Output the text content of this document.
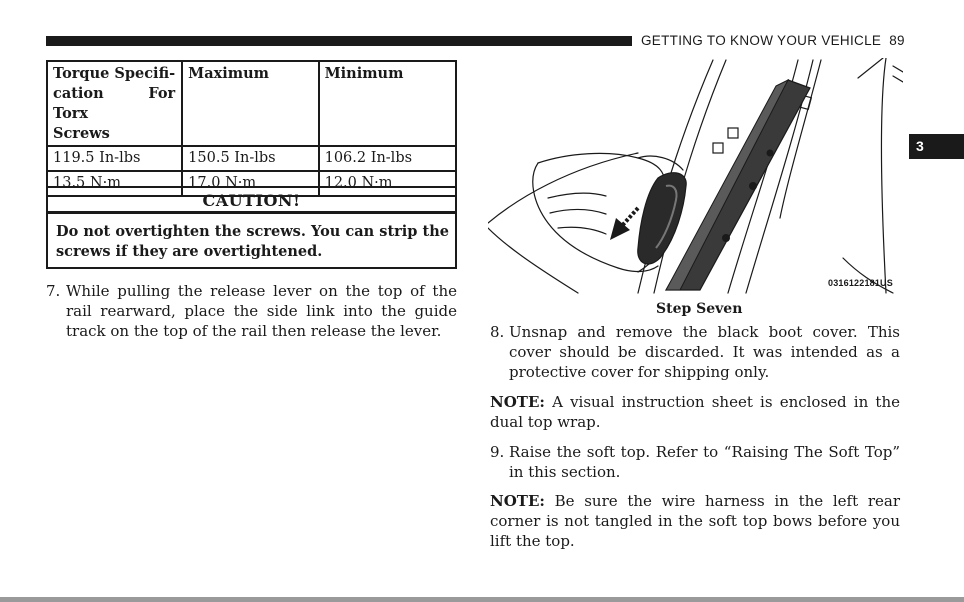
GETTING TO KNOW YOUR VEHICLE 89
3
Torque Specifi-
cation For Torx
Screws	Maximum	Minimum
119.5 In-lbs	150.5 In-lbs	106.2 In-lbs
13.5 N·m	17.0 N·m	12.0 N·m
CAUTION!
Do not overtighten the screws. You can strip the screws if they are overtightened.
7. While pulling the release lever on the top of the rail rearward, place the side link into the guide track on the top of the rail then release the lever.
0316122181US
Step Seven
8. Unsnap and remove the black boot cover. This cover should be discarded. It was intended as a protective cover for shipping only.
NOTE: A visual instruction sheet is enclosed in the dual top wrap.
9. Raise the soft top. Refer to “Raising The Soft Top” in this section.
NOTE: Be sure the wire harness in the left rear corner is not tangled in the soft top bows before you lift the top.
